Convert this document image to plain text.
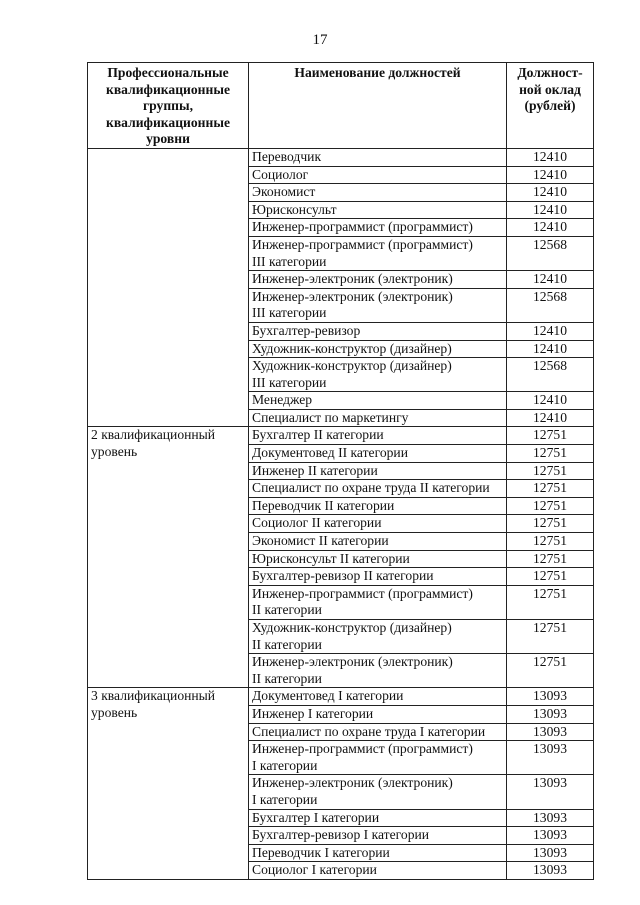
17
Профессиональные квалификационные группы, квалификационные уровни	Наименование должностей	Должност- ной оклад (рублей)

	Переводчик	12410

	Социолог	12410

	Экономист	12410

	Юрисконсульт	12410

	Инженер-программист (программист)	12410

	Инженер-программист (программист)
III категории	12568

	Инженер-электроник (электроник)	12410

	Инженер-электроник (электроник)
III категории	12568

	Бухгалтер-ревизор	12410

	Художник-конструктор (дизайнер)	12410

	Художник-конструктор (дизайнер)
III категории	12568

	Менеджер	12410

	Специалист по маркетингу	12410
2 квалификационный уровень	Бухгалтер II категории	12751

	Документовед II категории	12751

	Инженер II категории	12751

	Специалист по охране труда II категории	12751

	Переводчик II категории	12751

	Социолог II категории	12751

	Экономист II категории	12751

	Юрисконсульт II категории	12751

	Бухгалтер-ревизор II категории	12751

	Инженер-программист (программист)
II категории	12751

	Художник-конструктор (дизайнер)
II категории	12751

	Инженер-электроник (электроник)
II категории	12751
3 квалификационный уровень	Документовед I категории	13093

	Инженер I категории	13093

	Специалист по охране труда I категории	13093

	Инженер-программист (программист)
I категории	13093

	Инженер-электроник (электроник)
I категории	13093

	Бухгалтер I категории	13093

	Бухгалтер-ревизор I категории	13093

	Переводчик I категории	13093

	Социолог I категории	13093
